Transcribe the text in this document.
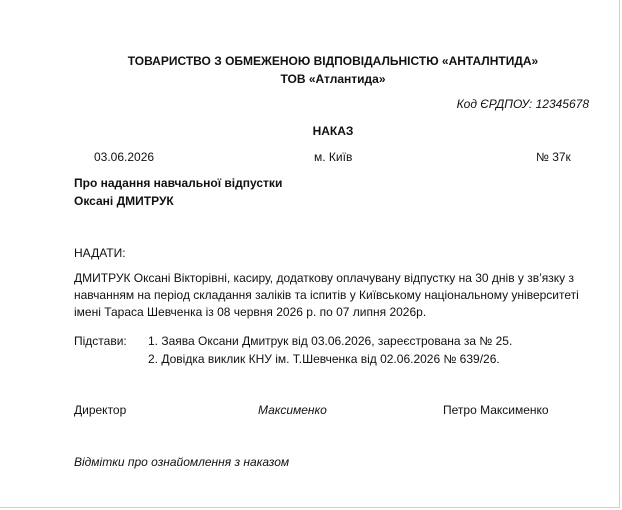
ТОВАРИСТВО З ОБМЕЖЕНОЮ ВІДПОВІДАЛЬНІСТЮ «АНТАЛНТИДА»
ТОВ «Атлантида»
Код ЄРДПОУ: 12345678
НАКАЗ
03.06.2026	м. Київ	№ 37к
Про надання навчальної відпустки
Оксані ДМИТРУК
НАДАТИ:
ДМИТРУК Оксані Вікторівні, касиру, додаткову оплачувану відпустку на 30 днів у зв’язку з навчанням на період складання заліків та іспитів у Київському національному університеті імені Тараса Шевченка із 08 червня 2026 р. по 07 липня 2026р.
Підстави: 1. Заява Оксани Дмитрук від 03.06.2026, зареєстрована за № 25.
2. Довідка виклик КНУ ім. Т.Шевченка від 02.06.2026 № 639/26.
Директор	Максименко	Петро Максименко
Відмітки про ознайомлення з наказом
